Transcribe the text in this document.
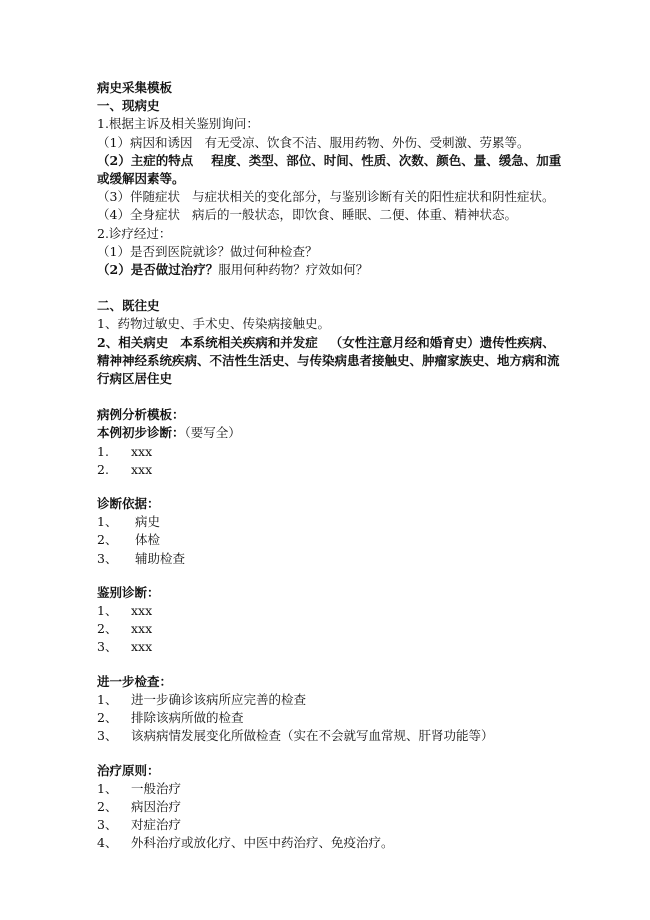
病史采集模板
一、现病史
1.根据主诉及相关鉴别询问：
（1）病因和诱因 有无受凉、饮食不洁、服用药物、外伤、受刺激、劳累等。
（2）主症的特点 程度、类型、部位、时间、性质、次数、颜色、量、缓急、加重或缓解因素等。
（3）伴随症状 与症状相关的变化部分，与鉴别诊断有关的阳性症状和阴性症状。
（4）全身症状 病后的一般状态，即饮食、睡眠、二便、体重、精神状态。
2.诊疗经过：
（1）是否到医院就诊？做过何种检查？
（2）是否做过治疗？服用何种药物？疗效如何？
二、既往史
1、药物过敏史、手术史、传染病接触史。
2、相关病史 本系统相关疾病和并发症 （女性注意月经和婚育史）遗传性疾病、精神神经系统疾病、不洁性生活史、与传染病患者接触史、肿瘤家族史、地方病和流行病区居住史
病例分析模板：
本例初步诊断：（要写全）
1. xxx
2. xxx
诊断依据：
1、 病史
2、 体检
3、 辅助检查
鉴别诊断：
1、 xxx
2、 xxx
3、 xxx
进一步检查：
1、 进一步确诊该病所应完善的检查
2、 排除该病所做的检查
3、 该病病情发展变化所做检查（实在不会就写血常规、肝肾功能等）
治疗原则：
1、 一般治疗
2、 病因治疗
3、 对症治疗
4、 外科治疗或放化疗、中医中药治疗、免疫治疗。
